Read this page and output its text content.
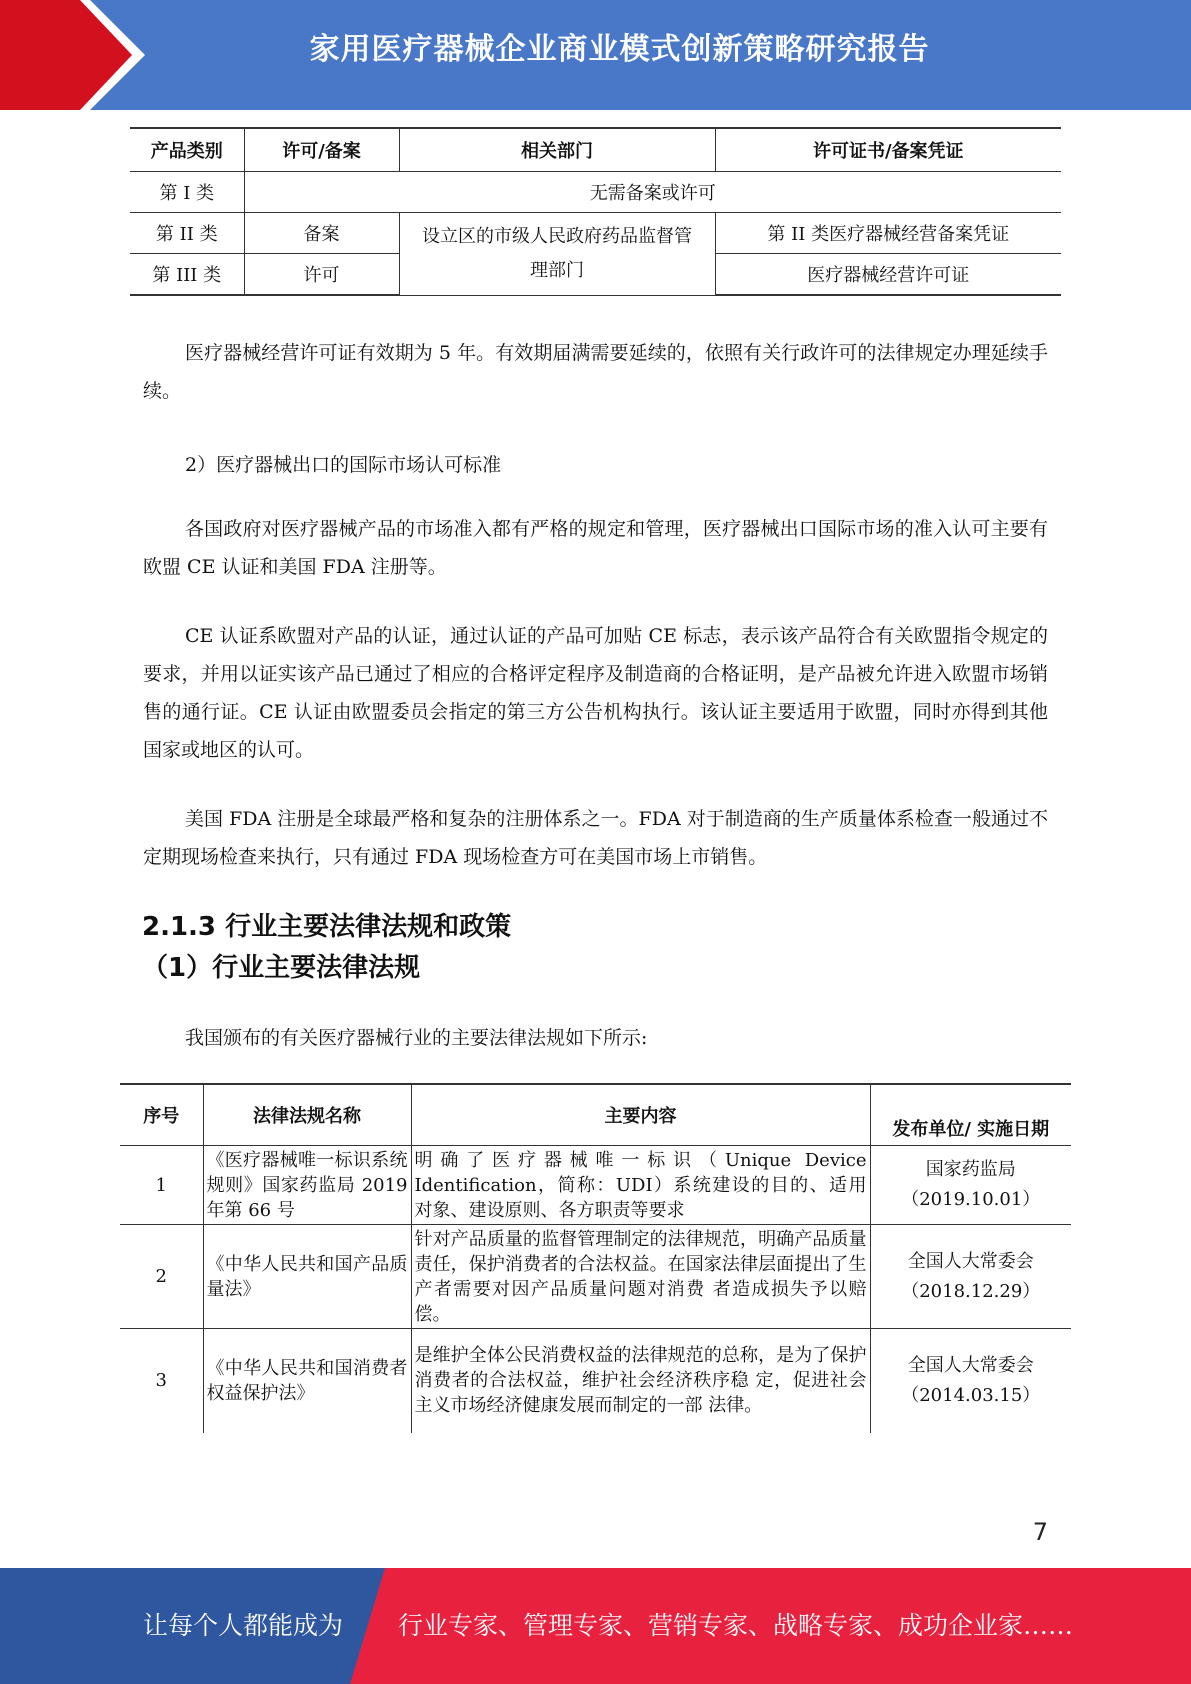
家用医疗器械企业商业模式创新策略研究报告
产品类别	许可/备案	相关部门	许可证书/备案凭证
第 I 类	无需备案或许可		
第 II 类	备案	设立区的市级人民政府药品监督管理部门	第 II 类医疗器械经营备案凭证
第 III 类	许可		医疗器械经营许可证
医疗器械经营许可证有效期为 5 年。有效期届满需要延续的，依照有关行政许可的法律规定办理延续手续。
2）医疗器械出口的国际市场认可标准
各国政府对医疗器械产品的市场准入都有严格的规定和管理，医疗器械出口国际市场的准入认可主要有欧盟 CE 认证和美国 FDA 注册等。
CE 认证系欧盟对产品的认证，通过认证的产品可加贴 CE 标志，表示该产品符合有关欧盟指令规定的要求，并用以证实该产品已通过了相应的合格评定程序及制造商的合格证明，是产品被允许进入欧盟市场销售的通行证。CE 认证由欧盟委员会指定的第三方公告机构执行。该认证主要适用于欧盟，同时亦得到其他国家或地区的认可。
美国 FDA 注册是全球最严格和复杂的注册体系之一。FDA 对于制造商的生产质量体系检查一般通过不定期现场检查来执行，只有通过 FDA 现场检查方可在美国市场上市销售。
2.1.3 行业主要法律法规和政策
（1）行业主要法律法规
我国颁布的有关医疗器械行业的主要法律法规如下所示:
序号	法律法规名称	主要内容	发布单位/ 实施日期
1	《医疗器械唯一标识系统规则》国家药监局 2019 年第 66 号	明确了医疗器械唯一标识（Unique Device Identification，简称：UDI）系统建设的目的、适用 对象、建设原则、各方职责等要求	国家药监局
（2019.10.01）

2	《中华人民共和国产品质量法》	针对产品质量的监督管理制定的法律规范，明确产品质量责任，保护消费者的合法权益。在国家法律层面提出了生产者需要对因产品质量问题对消费 者造成损失予以赔偿。	全国人大常委会
（2018.12.29）

3	《中华人民共和国消费者权益保护法》	是维护全体公民消费权益的法律规范的总称，是为了保护消费者的合法权益，维护社会经济秩序稳 定，促进社会主义市场经济健康发展而制定的一部 法律。	全国人大常委会
（2014.03.15）
7
让每个人都能成为 行业专家、管理专家、营销专家、战略专家、成功企业家……
